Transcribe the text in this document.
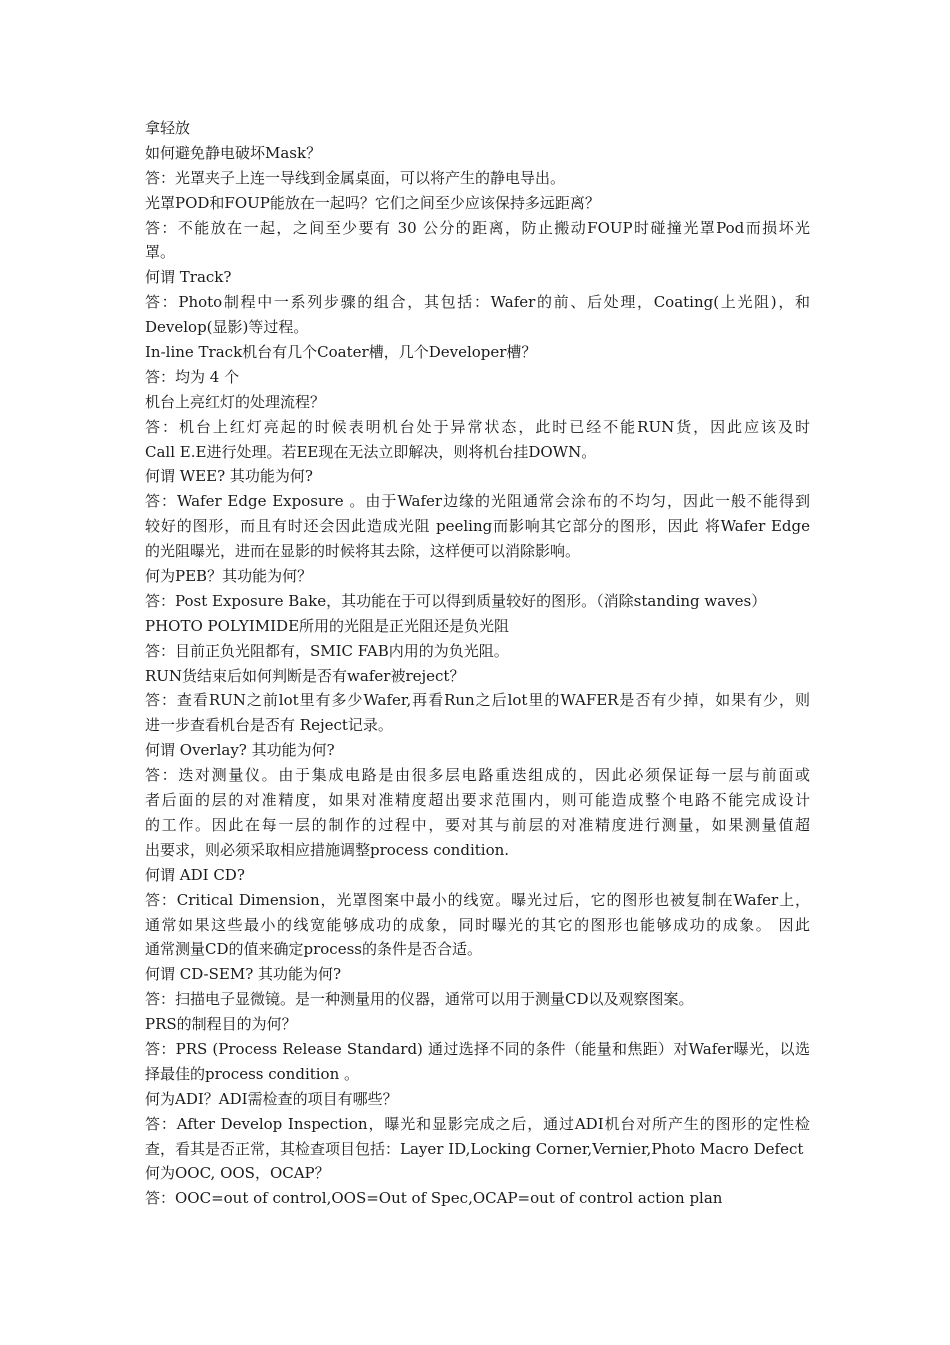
拿轻放
如何避免静电破坏Mask？
答：光罩夹子上连一导线到金属桌面，可以将产生的静电导出。
光罩POD和FOUP能放在一起吗？它们之间至少应该保持多远距离？
答：不能放在一起，之间至少要有 30 公分的距离，防止搬动FOUP时碰撞光罩Pod而损坏光
罩。
何谓 Track?
答：Photo制程中一系列步骤的组合，其包括：Wafer的前、后处理，Coating(上光阻)，和
Develop(显影)等过程。
In-line Track机台有几个Coater槽，几个Developer槽？
答：均为 4 个
机台上亮红灯的处理流程？
答：机台上红灯亮起的时候表明机台处于异常状态，此时已经不能RUN货，因此应该及时
Call E.E进行处理。若EE现在无法立即解决，则将机台挂DOWN。
何谓 WEE? 其功能为何?
答：Wafer Edge Exposure 。由于Wafer边缘的光阻通常会涂布的不均匀，因此一般不能得到
较好的图形，而且有时还会因此造成光阻 peeling而影响其它部分的图形，因此 将Wafer Edge
的光阻曝光，进而在显影的时候将其去除，这样便可以消除影响。
何为PEB？其功能为何？
答：Post Exposure Bake，其功能在于可以得到质量较好的图形。（消除standing waves）
PHOTO POLYIMIDE所用的光阻是正光阻还是负光阻
答：目前正负光阻都有，SMIC FAB内用的为负光阻。
RUN货结束后如何判断是否有wafer被reject？
答：查看RUN之前lot里有多少Wafer,再看Run之后lot里的WAFER是否有少掉，如果有少，则
进一步查看机台是否有 Reject记录。
何谓 Overlay? 其功能为何?
答：迭对测量仪。由于集成电路是由很多层电路重迭组成的，因此必须保证每一层与前面或
者后面的层的对准精度，如果对准精度超出要求范围内，则可能造成整个电路不能完成设计
的工作。因此在每一层的制作的过程中，要对其与前层的对准精度进行测量，如果测量值超
出要求，则必须采取相应措施调整process condition.
何谓 ADI CD?
答：Critical Dimension，光罩图案中最小的线宽。曝光过后，它的图形也被复制在Wafer上，
通常如果这些最小的线宽能够成功的成象，同时曝光的其它的图形也能够成功的成象。 因此
通常测量CD的值来确定process的条件是否合适。
何谓 CD-SEM? 其功能为何?
答：扫描电子显微镜。是一种测量用的仪器，通常可以用于测量CD以及观察图案。
PRS的制程目的为何？
答：PRS (Process Release Standard) 通过选择不同的条件（能量和焦距）对Wafer曝光，以选
择最佳的process condition 。
何为ADI？ADI需检查的项目有哪些？
答：After Develop Inspection，曝光和显影完成之后，通过ADI机台对所产生的图形的定性检
查，看其是否正常，其检查项目包括：Layer ID,Locking Corner,Vernier,Photo Macro Defect
何为OOC, OOS，OCAP？
答：OOC=out of control,OOS=Out of Spec,OCAP=out of control action plan
